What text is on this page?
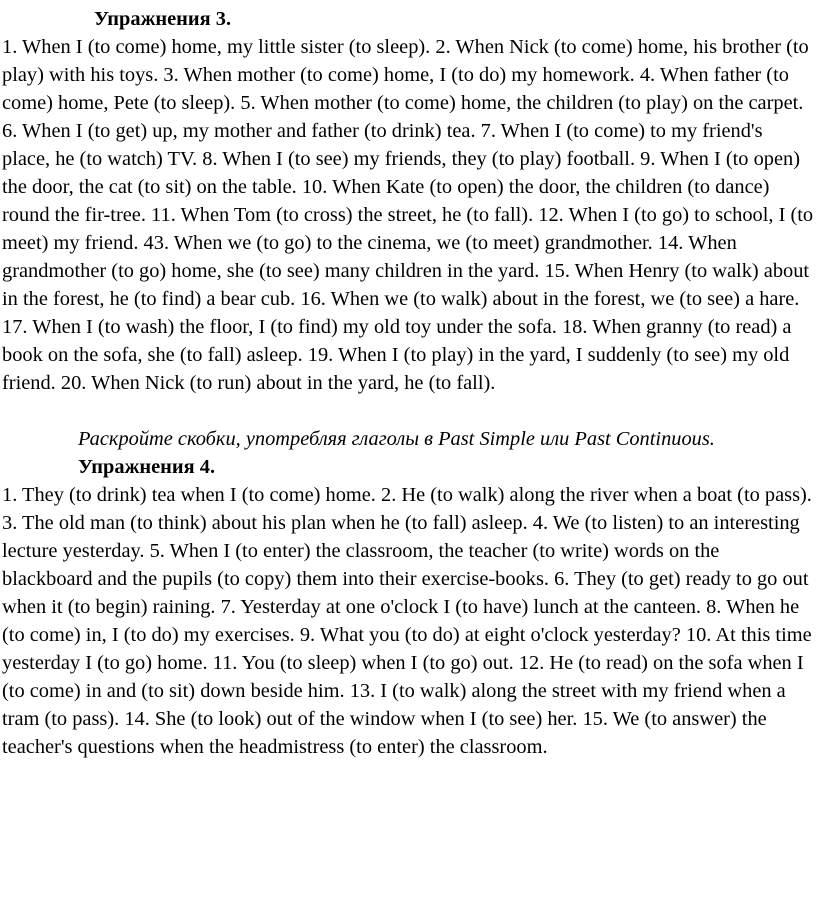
Упражнения 3.

1. When I (to come) home, my little sister (to sleep). 2. When Nick (to come) home, his brother (to play) with his toys. 3. When mother (to come) home, I (to do) my homework. 4. When father (to come) home, Pete (to sleep). 5. When mother (to come) home, the children (to play) on the carpet. 6. When I (to get) up, my mother and father (to drink) tea. 7. When I (to come) to my friend's place, he (to watch) TV. 8. When I (to see) my friends, they (to play) football. 9. When I (to open) the door, the cat (to sit) on the table. 10. When Kate (to open) the door, the children (to dance) round the fir-tree. 11. When Tom (to cross) the street, he (to fall). 12. When I (to go) to school, I (to meet) my friend. 43. When we (to go) to the cinema, we (to meet) grandmother. 14. When grandmother (to go) home, she (to see) many children in the yard. 15. When Henry (to walk) about in the forest, he (to find) a bear cub. 16. When we (to walk) about in the forest, we (to see) a hare. 17. When I (to wash) the floor, I (to find) my old toy under the sofa. 18. When granny (to read) a book on the sofa, she (to fall) asleep. 19. When I (to play) in the yard, I suddenly (to see) my old friend. 20. When Nick (to run) about in the yard, he (to fall).

Раскройте скобки, употребляя глаголы в Past Simple или Past Continuous.

Упражнения 4.

1. They (to drink) tea when I (to come) home. 2. He (to walk) along the river when a boat (to pass). 3. The old man (to think) about his plan when he (to fall) asleep. 4. We (to listen) to an interesting lecture yesterday. 5. When I (to enter) the classroom, the teacher (to write) words on the blackboard and the pupils (to copy) them into their exercise-books. 6. They (to get) ready to go out when it (to begin) raining. 7. Yesterday at one o'clock I (to have) lunch at the canteen. 8. When he (to come) in, I (to do) my exercises. 9. What you (to do) at eight o'clock yesterday? 10. At this time yesterday I (to go) home. 11. You (to sleep) when I (to go) out. 12. He (to read) on the sofa when I (to come) in and (to sit) down beside him. 13. I (to walk) along the street with my friend when a tram (to pass). 14. She (to look) out of the window when I (to see) her. 15. We (to answer) the teacher's questions when the headmistress (to enter) the classroom.
